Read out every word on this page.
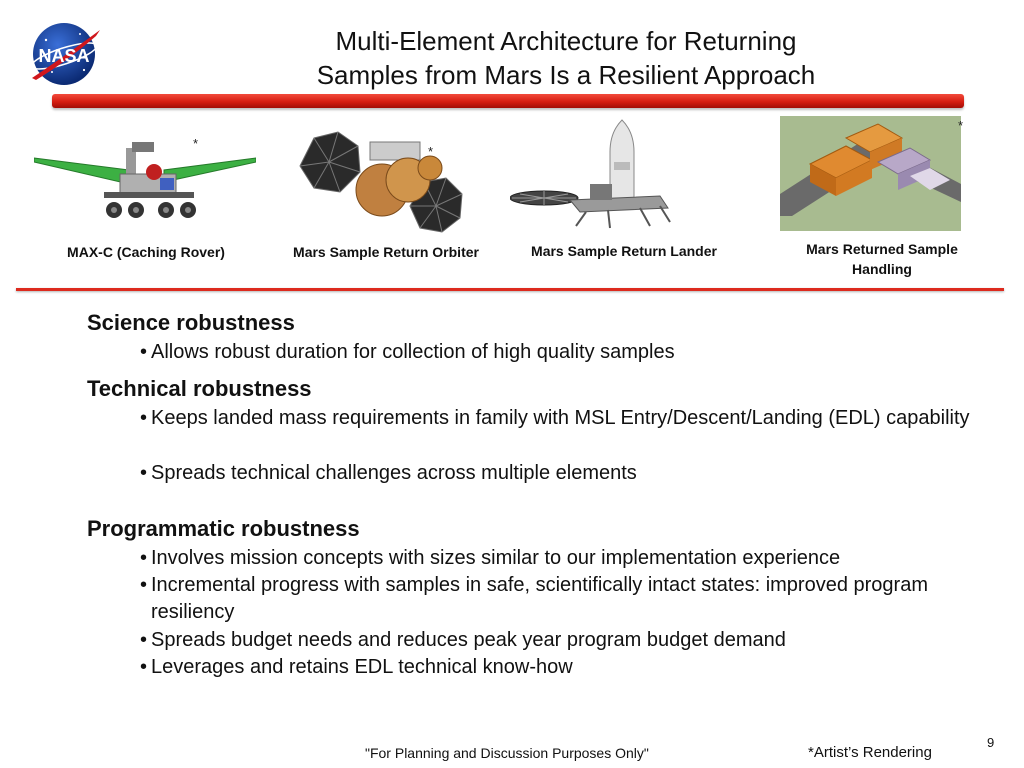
NASA	Multi-Element Architecture for Returning
Samples from Mars Is a Resilient Approach
*
MAX-C (Caching Rover)
*
Mars Sample Return Orbiter	Mars Sample Return Lander
*
Mars Returned Sample
Handling
Science robustness
• Allows robust duration for collection of high quality samples
Technical robustness
• Keeps landed mass requirements in family with MSL Entry/Descent/Landing (EDL) capability
• Spreads technical challenges across multiple elements
Programmatic robustness
• Involves mission concepts with sizes similar to our implementation experience
• Incremental progress with samples in safe, scientifically intact states: improved program resiliency
• Spreads budget needs and reduces peak year program budget demand
• Leverages and retains EDL technical know-how
"For Planning and Discussion Purposes Only"	*Artist’s Rendering
9
